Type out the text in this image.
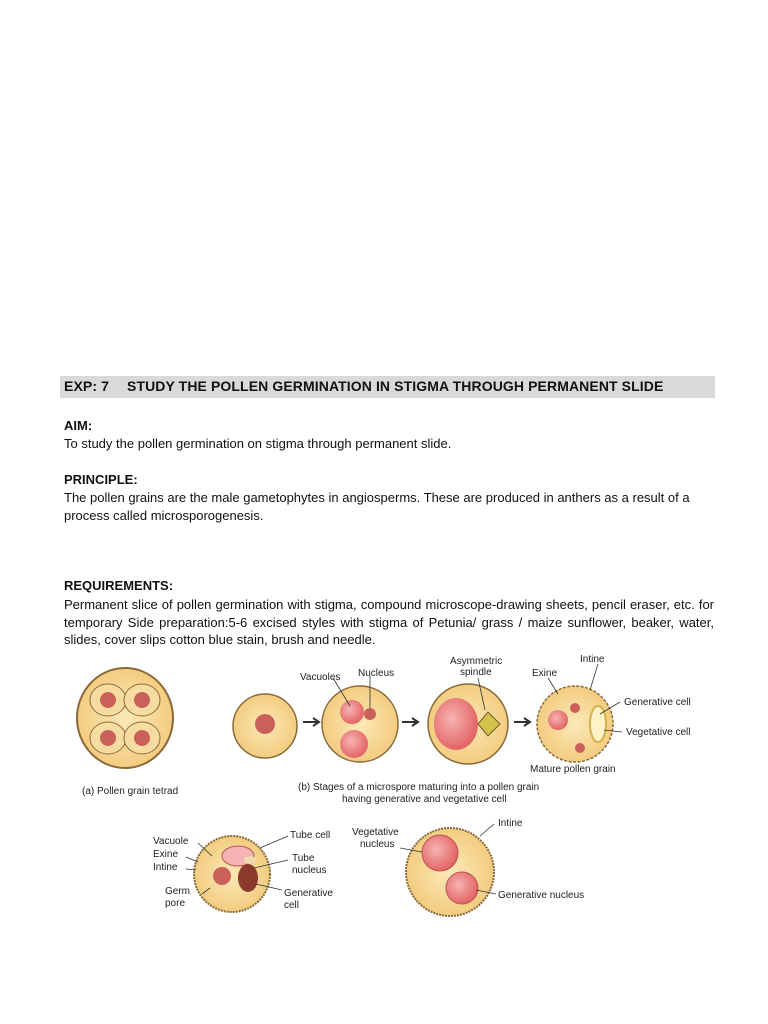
EXP: 7 STUDY THE POLLEN GERMINATION IN STIGMA THROUGH PERMANENT SLIDE
AIM:
To study the pollen germination on stigma through permanent slide.
PRINCIPLE:
The pollen grains are the male gametophytes in angiosperms. These are produced in anthers as a result of a process called microsporogenesis.
REQUIREMENTS:
Permanent slice of pollen germination with stigma, compound microscope-drawing sheets, pencil eraser, etc. for temporary Side preparation:5-6 excised styles with stigma of Petunia/ grass / maize sunflower, beaker, water, slides, cover slips cotton blue stain, brush and needle.
Vacuoles Nucleus
Asymmetric
spindle	Exine
Intine
Generative cell
Vegetative cell
Mature pollen grain
(a) Pollen grain tetrad	(b) Stages of a microspore maturing into a pollen grain
having generative and vegetative cell
Vacuole
Exine
Intine
Germ
pore
Tube cell
Tube
nucleus
Generative
cell
Vegetative
nucleus
Intine
Generative nucleus
